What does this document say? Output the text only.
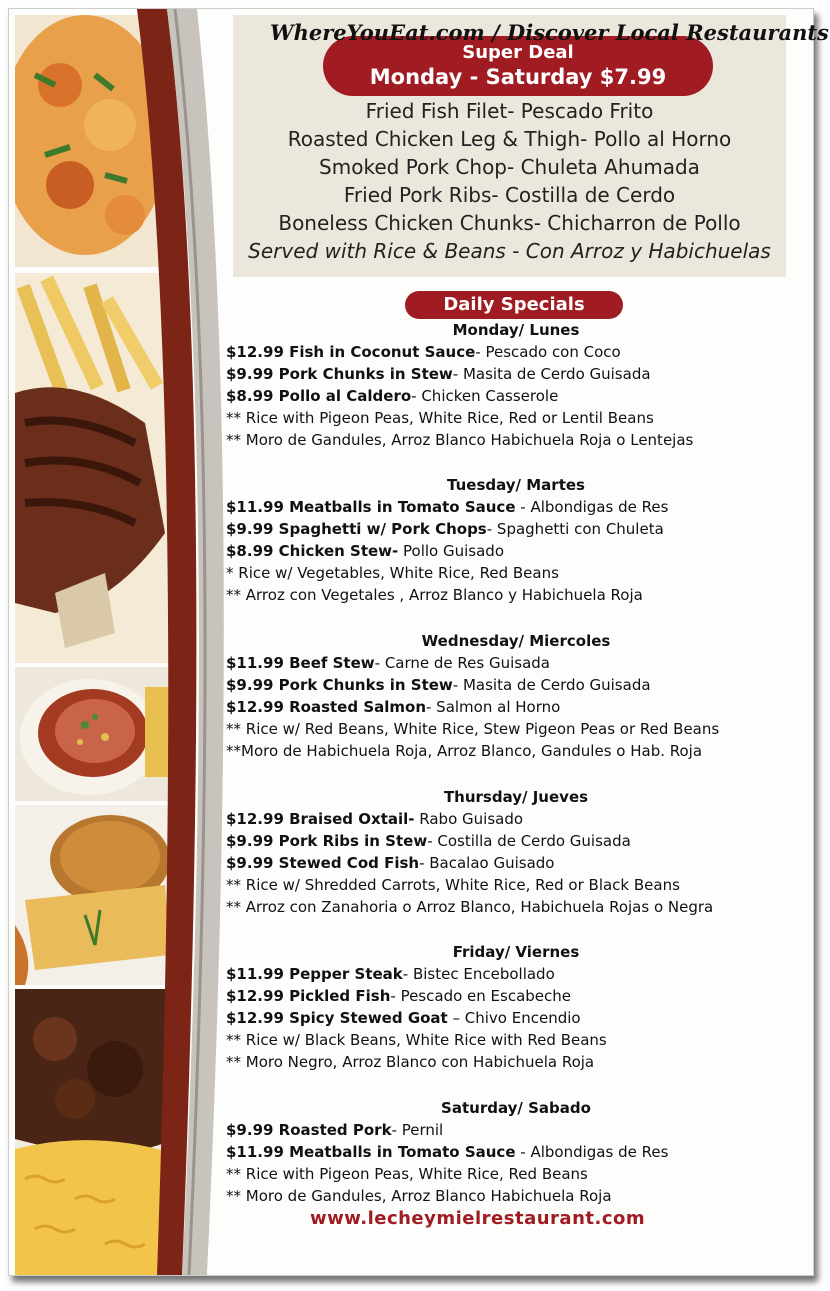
WhereYouEat.com / Discover Local Restaurants
Super Deal
Monday - Saturday $7.99
Fried Fish Filet- Pescado Frito
Roasted Chicken Leg & Thigh- Pollo al Horno
Smoked Pork Chop- Chuleta Ahumada
Fried Pork Ribs- Costilla de Cerdo
Boneless Chicken Chunks- Chicharron de Pollo
Served with Rice & Beans - Con Arroz y Habichuelas
Daily Specials
Monday/ Lunes
$12.99 Fish in Coconut Sauce- Pescado con Coco
$9.99 Pork Chunks in Stew- Masita de Cerdo Guisada
$8.99 Pollo al Caldero- Chicken Casserole
** Rice with Pigeon Peas, White Rice, Red or Lentil Beans
** Moro de Gandules, Arroz Blanco Habichuela Roja o Lentejas
Tuesday/ Martes
$11.99 Meatballs in Tomato Sauce - Albondigas de Res
$9.99 Spaghetti w/ Pork Chops- Spaghetti con Chuleta
$8.99 Chicken Stew- Pollo Guisado
* Rice w/ Vegetables, White Rice, Red Beans
** Arroz con Vegetales , Arroz Blanco y Habichuela Roja
Wednesday/ Miercoles
$11.99 Beef Stew- Carne de Res Guisada
$9.99 Pork Chunks in Stew- Masita de Cerdo Guisada
$12.99 Roasted Salmon- Salmon al Horno
** Rice w/ Red Beans, White Rice, Stew Pigeon Peas or Red Beans
**Moro de Habichuela Roja, Arroz Blanco, Gandules o Hab. Roja
Thursday/ Jueves
$12.99 Braised Oxtail- Rabo Guisado
$9.99 Pork Ribs in Stew- Costilla de Cerdo Guisada
$9.99 Stewed Cod Fish- Bacalao Guisado
** Rice w/ Shredded Carrots, White Rice, Red or Black Beans
** Arroz con Zanahoria o Arroz Blanco, Habichuela Rojas o Negra
Friday/ Viernes
$11.99 Pepper Steak- Bistec Encebollado
$12.99 Pickled Fish- Pescado en Escabeche
$12.99 Spicy Stewed Goat – Chivo Encendio
** Rice w/ Black Beans, White Rice with Red Beans
** Moro Negro, Arroz Blanco con Habichuela Roja
Saturday/ Sabado
$9.99 Roasted Pork- Pernil
$11.99 Meatballs in Tomato Sauce - Albondigas de Res
** Rice with Pigeon Peas, White Rice, Red Beans
** Moro de Gandules, Arroz Blanco Habichuela Roja
www.lecheymielrestaurant.com
